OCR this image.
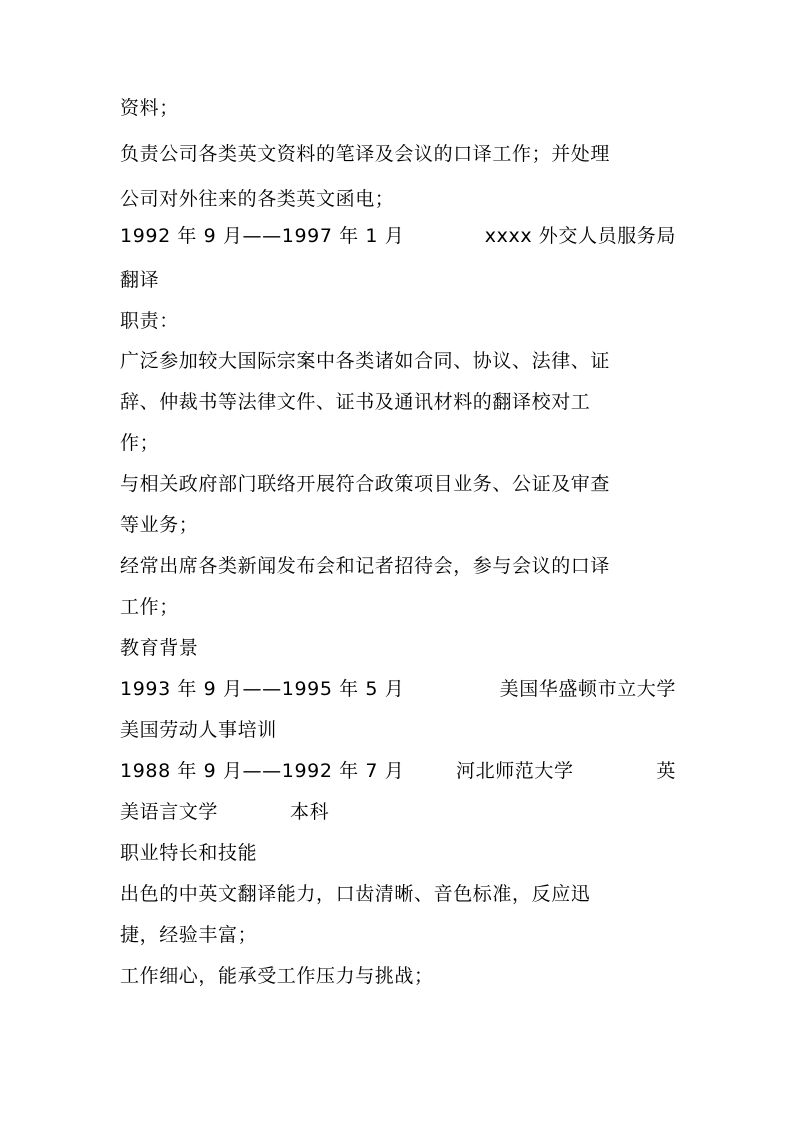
资料；
负责公司各类英文资料的笔译及会议的口译工作；并处理
公司对外往来的各类英文函电；
1992 年 9 月——1997 年 1 月	xxxx 外交人员服务局
翻译
职责：
广泛参加较大国际宗案中各类诸如合同、协议、法律、证
辞、仲裁书等法律文件、证书及通讯材料的翻译校对工
作；
与相关政府部门联络开展符合政策项目业务、公证及审查
等业务；
经常出席各类新闻发布会和记者招待会，参与会议的口译
工作；
教育背景
1993 年 9 月——1995 年 5 月	美国华盛顿市立大学
美国劳动人事培训
1988 年 9 月——1992 年 7 月	河北师范大学	英
美语言文学	本科
职业特长和技能
出色的中英文翻译能力，口齿清晰、音色标准，反应迅
捷，经验丰富；
工作细心，能承受工作压力与挑战；
